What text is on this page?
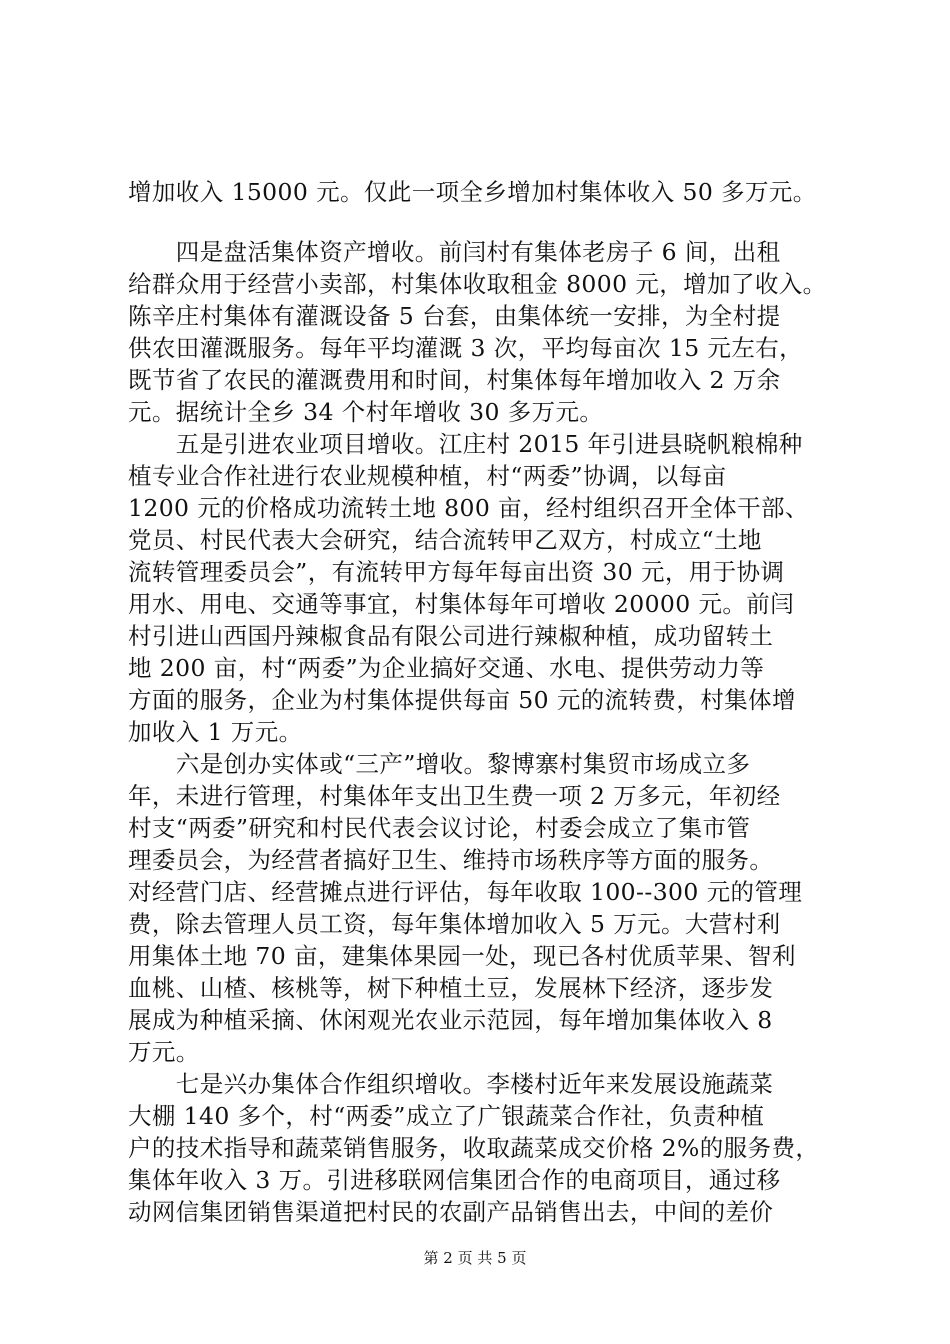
增加收入 15000 元。仅此一项全乡增加村集体收入 50 多万元。
　　四是盘活集体资产增收。前闫村有集体老房子 6 间，出租
给群众用于经营小卖部，村集体收取租金 8000 元，增加了收入。
陈辛庄村集体有灌溉设备 5 台套，由集体统一安排，为全村提
供农田灌溉服务。每年平均灌溉 3 次，平均每亩次 15 元左右，
既节省了农民的灌溉费用和时间，村集体每年增加收入 2 万余
元。据统计全乡 34 个村年增收 30 多万元。
　　五是引进农业项目增收。江庄村 2015 年引进县晓帆粮棉种
植专业合作社进行农业规模种植，村“两委”协调，以每亩
1200 元的价格成功流转土地 800 亩，经村组织召开全体干部、
党员、村民代表大会研究，结合流转甲乙双方，村成立“土地
流转管理委员会”，有流转甲方每年每亩出资 30 元，用于协调
用水、用电、交通等事宜，村集体每年可增收 20000 元。前闫
村引进山西国丹辣椒食品有限公司进行辣椒种植，成功留转土
地 200 亩，村“两委”为企业搞好交通、水电、提供劳动力等
方面的服务，企业为村集体提供每亩 50 元的流转费，村集体增
加收入 1 万元。
　　六是创办实体或“三产”增收。黎博寨村集贸市场成立多
年，未进行管理，村集体年支出卫生费一项 2 万多元，年初经
村支“两委”研究和村民代表会议讨论，村委会成立了集市管
理委员会，为经营者搞好卫生、维持市场秩序等方面的服务。
对经营门店、经营摊点进行评估，每年收取 100--300 元的管理
费，除去管理人员工资，每年集体增加收入 5 万元。大营村利
用集体土地 70 亩，建集体果园一处，现已各村优质苹果、智利
血桃、山楂、核桃等，树下种植土豆，发展林下经济，逐步发
展成为种植采摘、休闲观光农业示范园，每年增加集体收入 8
万元。
　　七是兴办集体合作组织增收。李楼村近年来发展设施蔬菜
大棚 140 多个，村“两委”成立了广银蔬菜合作社，负责种植
户的技术指导和蔬菜销售服务，收取蔬菜成交价格 2%的服务费，
集体年收入 3 万。引进移联网信集团合作的电商项目，通过移
动网信集团销售渠道把村民的农副产品销售出去，中间的差价
第 2 页 共 5 页
